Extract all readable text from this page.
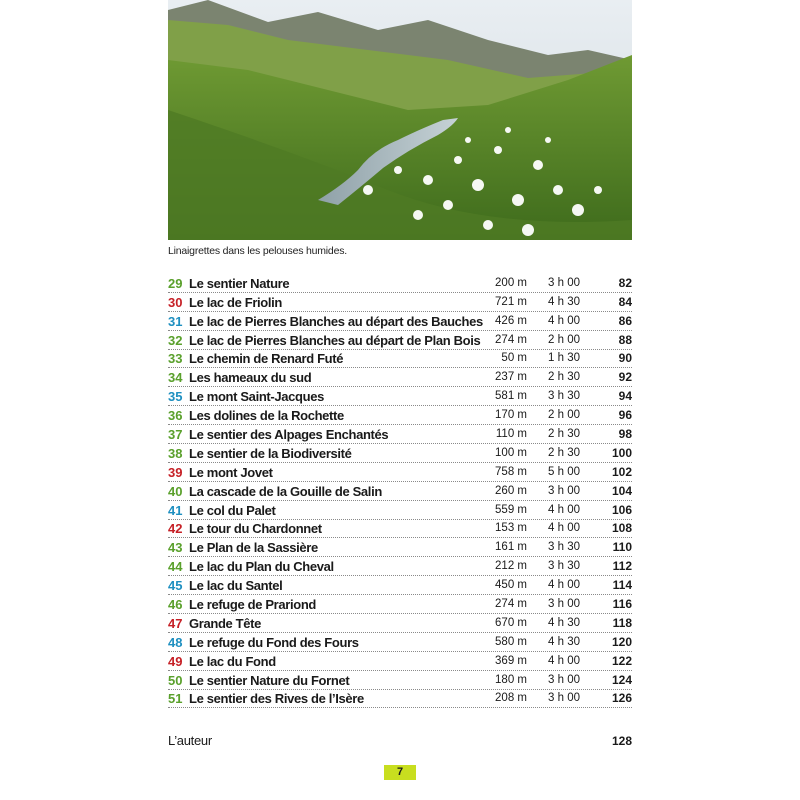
Linaigrettes dans les pelouses humides.
29 Le sentier Nature	200 m	3 h 00	82
30 Le lac de Friolin	721 m	4 h 30	84
31 Le lac de Pierres Blanches au départ des Bauches	426 m	4 h 00	86
32 Le lac de Pierres Blanches au départ de Plan Bois	274 m	2 h 00	88
33 Le chemin de Renard Futé	50 m	1 h 30	90
34 Les hameaux du sud	237 m	2 h 30	92
35 Le mont Saint-Jacques	581 m	3 h 30	94
36 Les dolines de la Rochette	170 m	2 h 00	96
37 Le sentier des Alpages Enchantés	110 m	2 h 30	98
38 Le sentier de la Biodiversité	100 m	2 h 30	100
39 Le mont Jovet	758 m	5 h 00	102
40 La cascade de la Gouille de Salin	260 m	3 h 00	104
41 Le col du Palet	559 m	4 h 00	106
42 Le tour du Chardonnet	153 m	4 h 00	108
43 Le Plan de la Sassière	161 m	3 h 30	110
44 Le lac du Plan du Cheval	212 m	3 h 30	112
45 Le lac du Santel	450 m	4 h 00	114
46 Le refuge de Prariond	274 m	3 h 00	116
47 Grande Tête	670 m	4 h 30	118
48 Le refuge du Fond des Fours	580 m	4 h 30	120
49 Le lac du Fond	369 m	4 h 00	122
50 Le sentier Nature du Fornet	180 m	3 h 00	124
51 Le sentier des Rives de l’Isère	208 m	3 h 00	126
L’auteur	128
7
